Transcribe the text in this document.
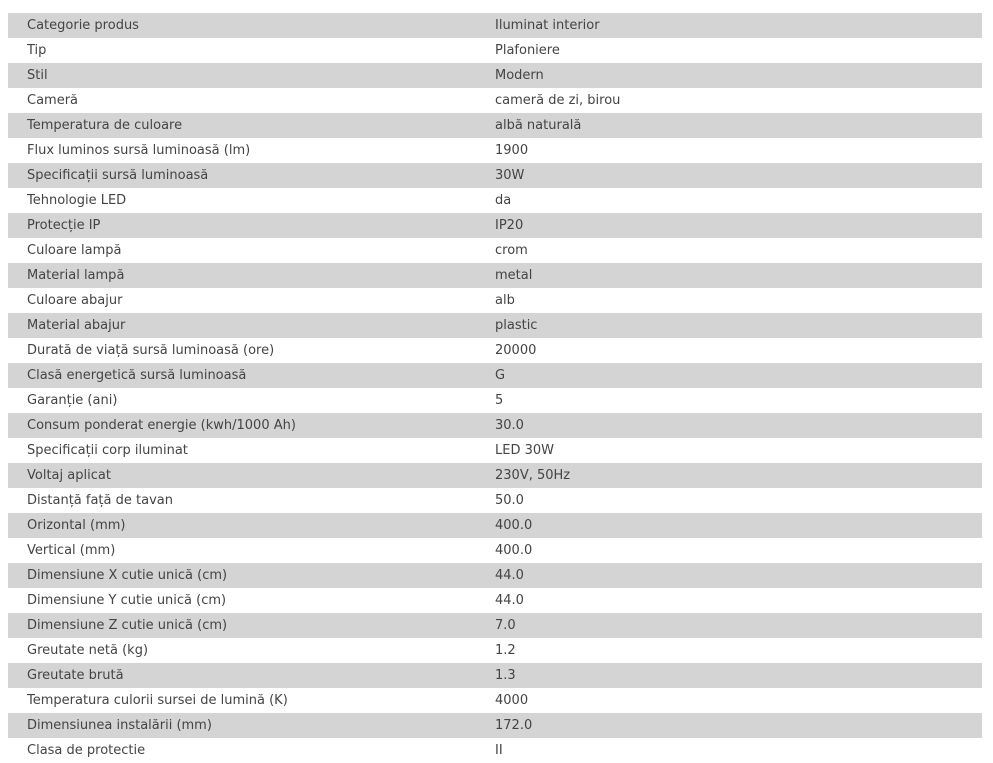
Categorie produs	Iluminat interior
Tip	Plafoniere
Stil	Modern
Cameră	cameră de zi, birou
Temperatura de culoare	albă naturală
Flux luminos sursă luminoasă (lm)	1900
Specificații sursă luminoasă	30W
Tehnologie LED	da
Protecție IP	IP20
Culoare lampă	crom
Material lampă	metal
Culoare abajur	alb
Material abajur	plastic
Durată de viață sursă luminoasă (ore)	20000
Clasă energetică sursă luminoasă	G
Garanție (ani)	5
Consum ponderat energie (kwh/1000 Ah)	30.0
Specificații corp iluminat	LED 30W
Voltaj aplicat	230V, 50Hz
Distanță față de tavan	50.0
Orizontal (mm)	400.0
Vertical (mm)	400.0
Dimensiune X cutie unică (cm)	44.0
Dimensiune Y cutie unică (cm)	44.0
Dimensiune Z cutie unică (cm)	7.0
Greutate netă (kg)	1.2
Greutate brută	1.3
Temperatura culorii sursei de lumină (K)	4000
Dimensiunea instalării (mm)	172.0
Clasa de protectie	II
